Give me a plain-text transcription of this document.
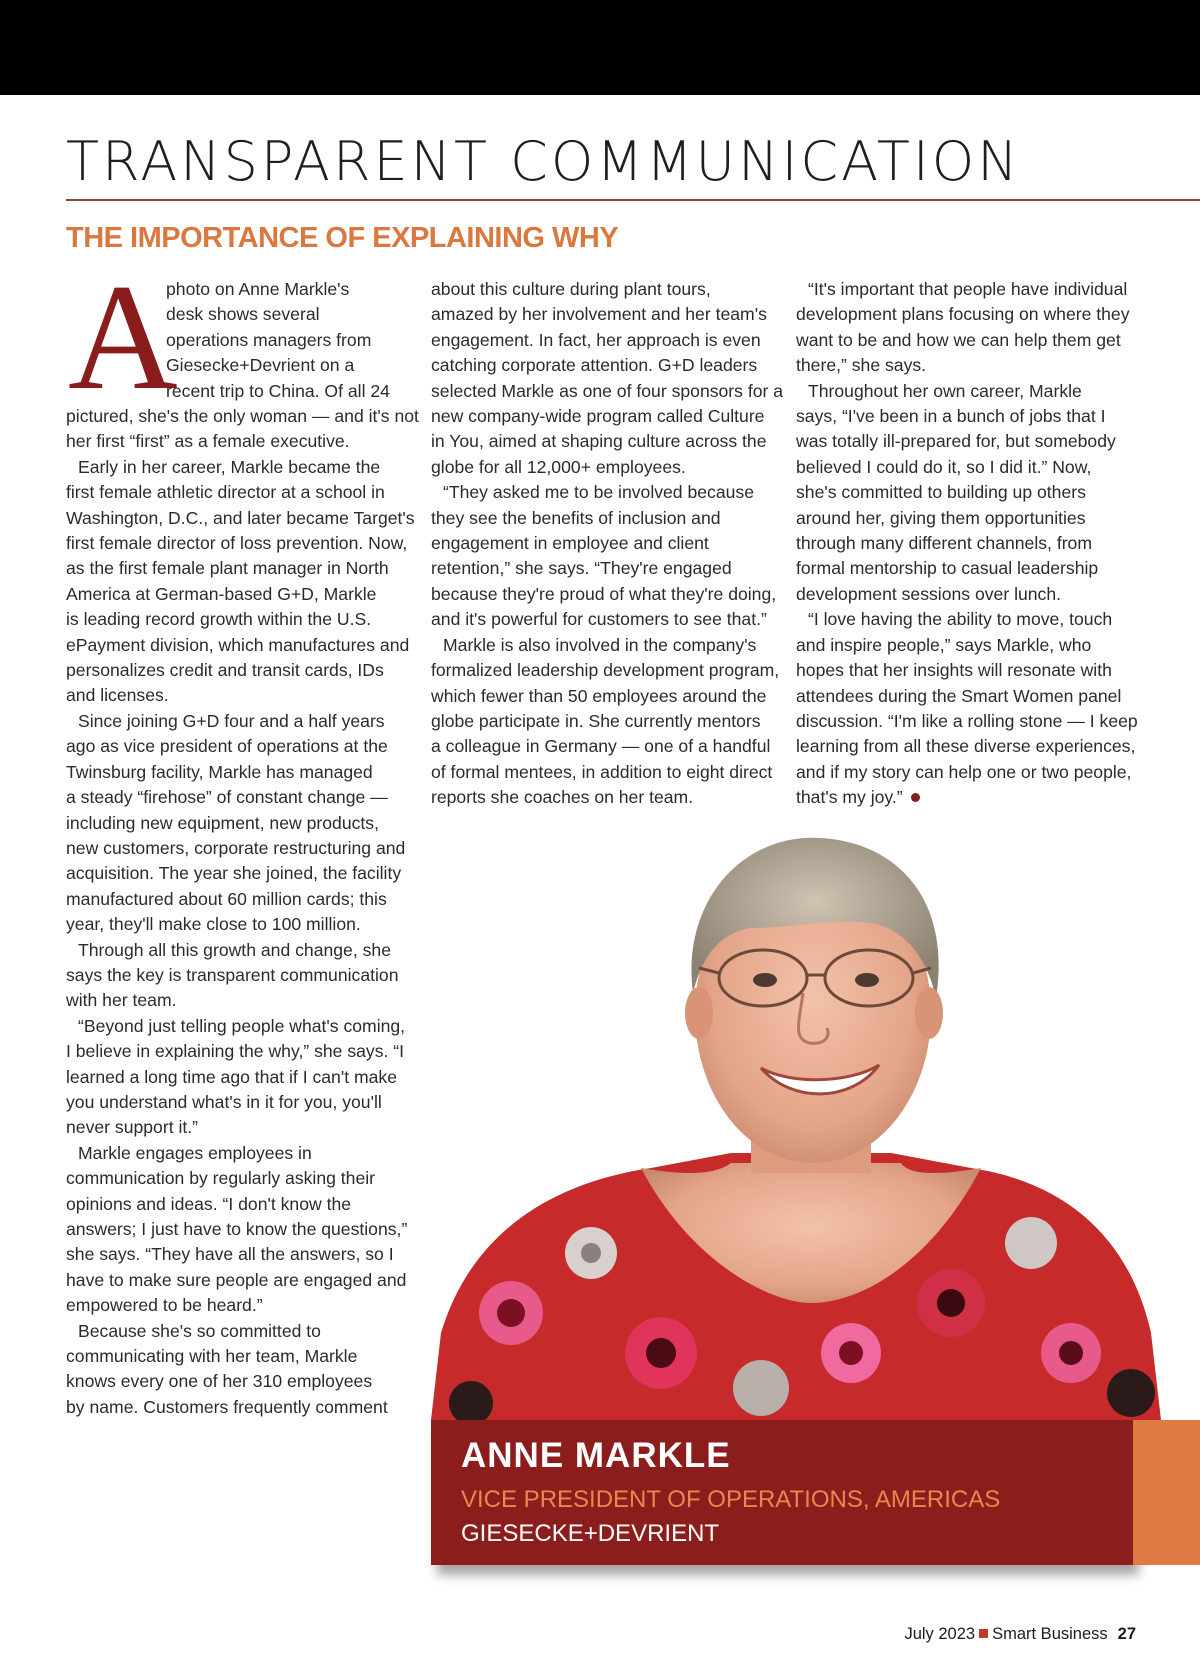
TRANSPARENT COMMUNICATION
THE IMPORTANCE OF EXPLAINING WHY
A
photo on Anne Markle's
desk shows several
operations managers from
Giesecke+Devrient on a
recent trip to China. Of all 24
pictured, she's the only woman — and it's not
her first “first” as a female executive.
Early in her career, Markle became the
first female athletic director at a school in
Washington, D.C., and later became Target's
first female director of loss prevention. Now,
as the first female plant manager in North
America at German-based G+D, Markle
is leading record growth within the U.S.
ePayment division, which manufactures and
personalizes credit and transit cards, IDs
and licenses.
Since joining G+D four and a half years
ago as vice president of operations at the
Twinsburg facility, Markle has managed
a steady “firehose” of constant change —
including new equipment, new products,
new customers, corporate restructuring and
acquisition. The year she joined, the facility
manufactured about 60 million cards; this
year, they'll make close to 100 million.
Through all this growth and change, she
says the key is transparent communication
with her team.
“Beyond just telling people what's coming,
I believe in explaining the why,” she says. “I
learned a long time ago that if I can't make
you understand what's in it for you, you'll
never support it.”
Markle engages employees in
communication by regularly asking their
opinions and ideas. “I don't know the
answers; I just have to know the questions,”
she says. “They have all the answers, so I
have to make sure people are engaged and
empowered to be heard.”
Because she's so committed to
communicating with her team, Markle
knows every one of her 310 employees
by name. Customers frequently comment
about this culture during plant tours,
amazed by her involvement and her team's
engagement. In fact, her approach is even
catching corporate attention. G+D leaders
selected Markle as one of four sponsors for a
new company-wide program called Culture
in You, aimed at shaping culture across the
globe for all 12,000+ employees.
“They asked me to be involved because
they see the benefits of inclusion and
engagement in employee and client
retention,” she says. “They're engaged
because they're proud of what they're doing,
and it's powerful for customers to see that.”
Markle is also involved in the company's
formalized leadership development program,
which fewer than 50 employees around the
globe participate in. She currently mentors
a colleague in Germany — one of a handful
of formal mentees, in addition to eight direct
reports she coaches on her team.
“It's important that people have individual
development plans focusing on where they
want to be and how we can help them get
there,” she says.
Throughout her own career, Markle
says, “I've been in a bunch of jobs that I
was totally ill-prepared for, but somebody
believed I could do it, so I did it.” Now,
she's committed to building up others
around her, giving them opportunities
through many different channels, from
formal mentorship to casual leadership
development sessions over lunch.
“I love having the ability to move, touch
and inspire people,” says Markle, who
hopes that her insights will resonate with
attendees during the Smart Women panel
discussion. “I'm like a rolling stone — I keep
learning from all these diverse experiences,
and if my story can help one or two people,
that's my joy.”
ANNE MARKLE
VICE PRESIDENT OF OPERATIONS, AMERICAS
GIESECKE+DEVRIENT
July 2023 Smart Business 27
